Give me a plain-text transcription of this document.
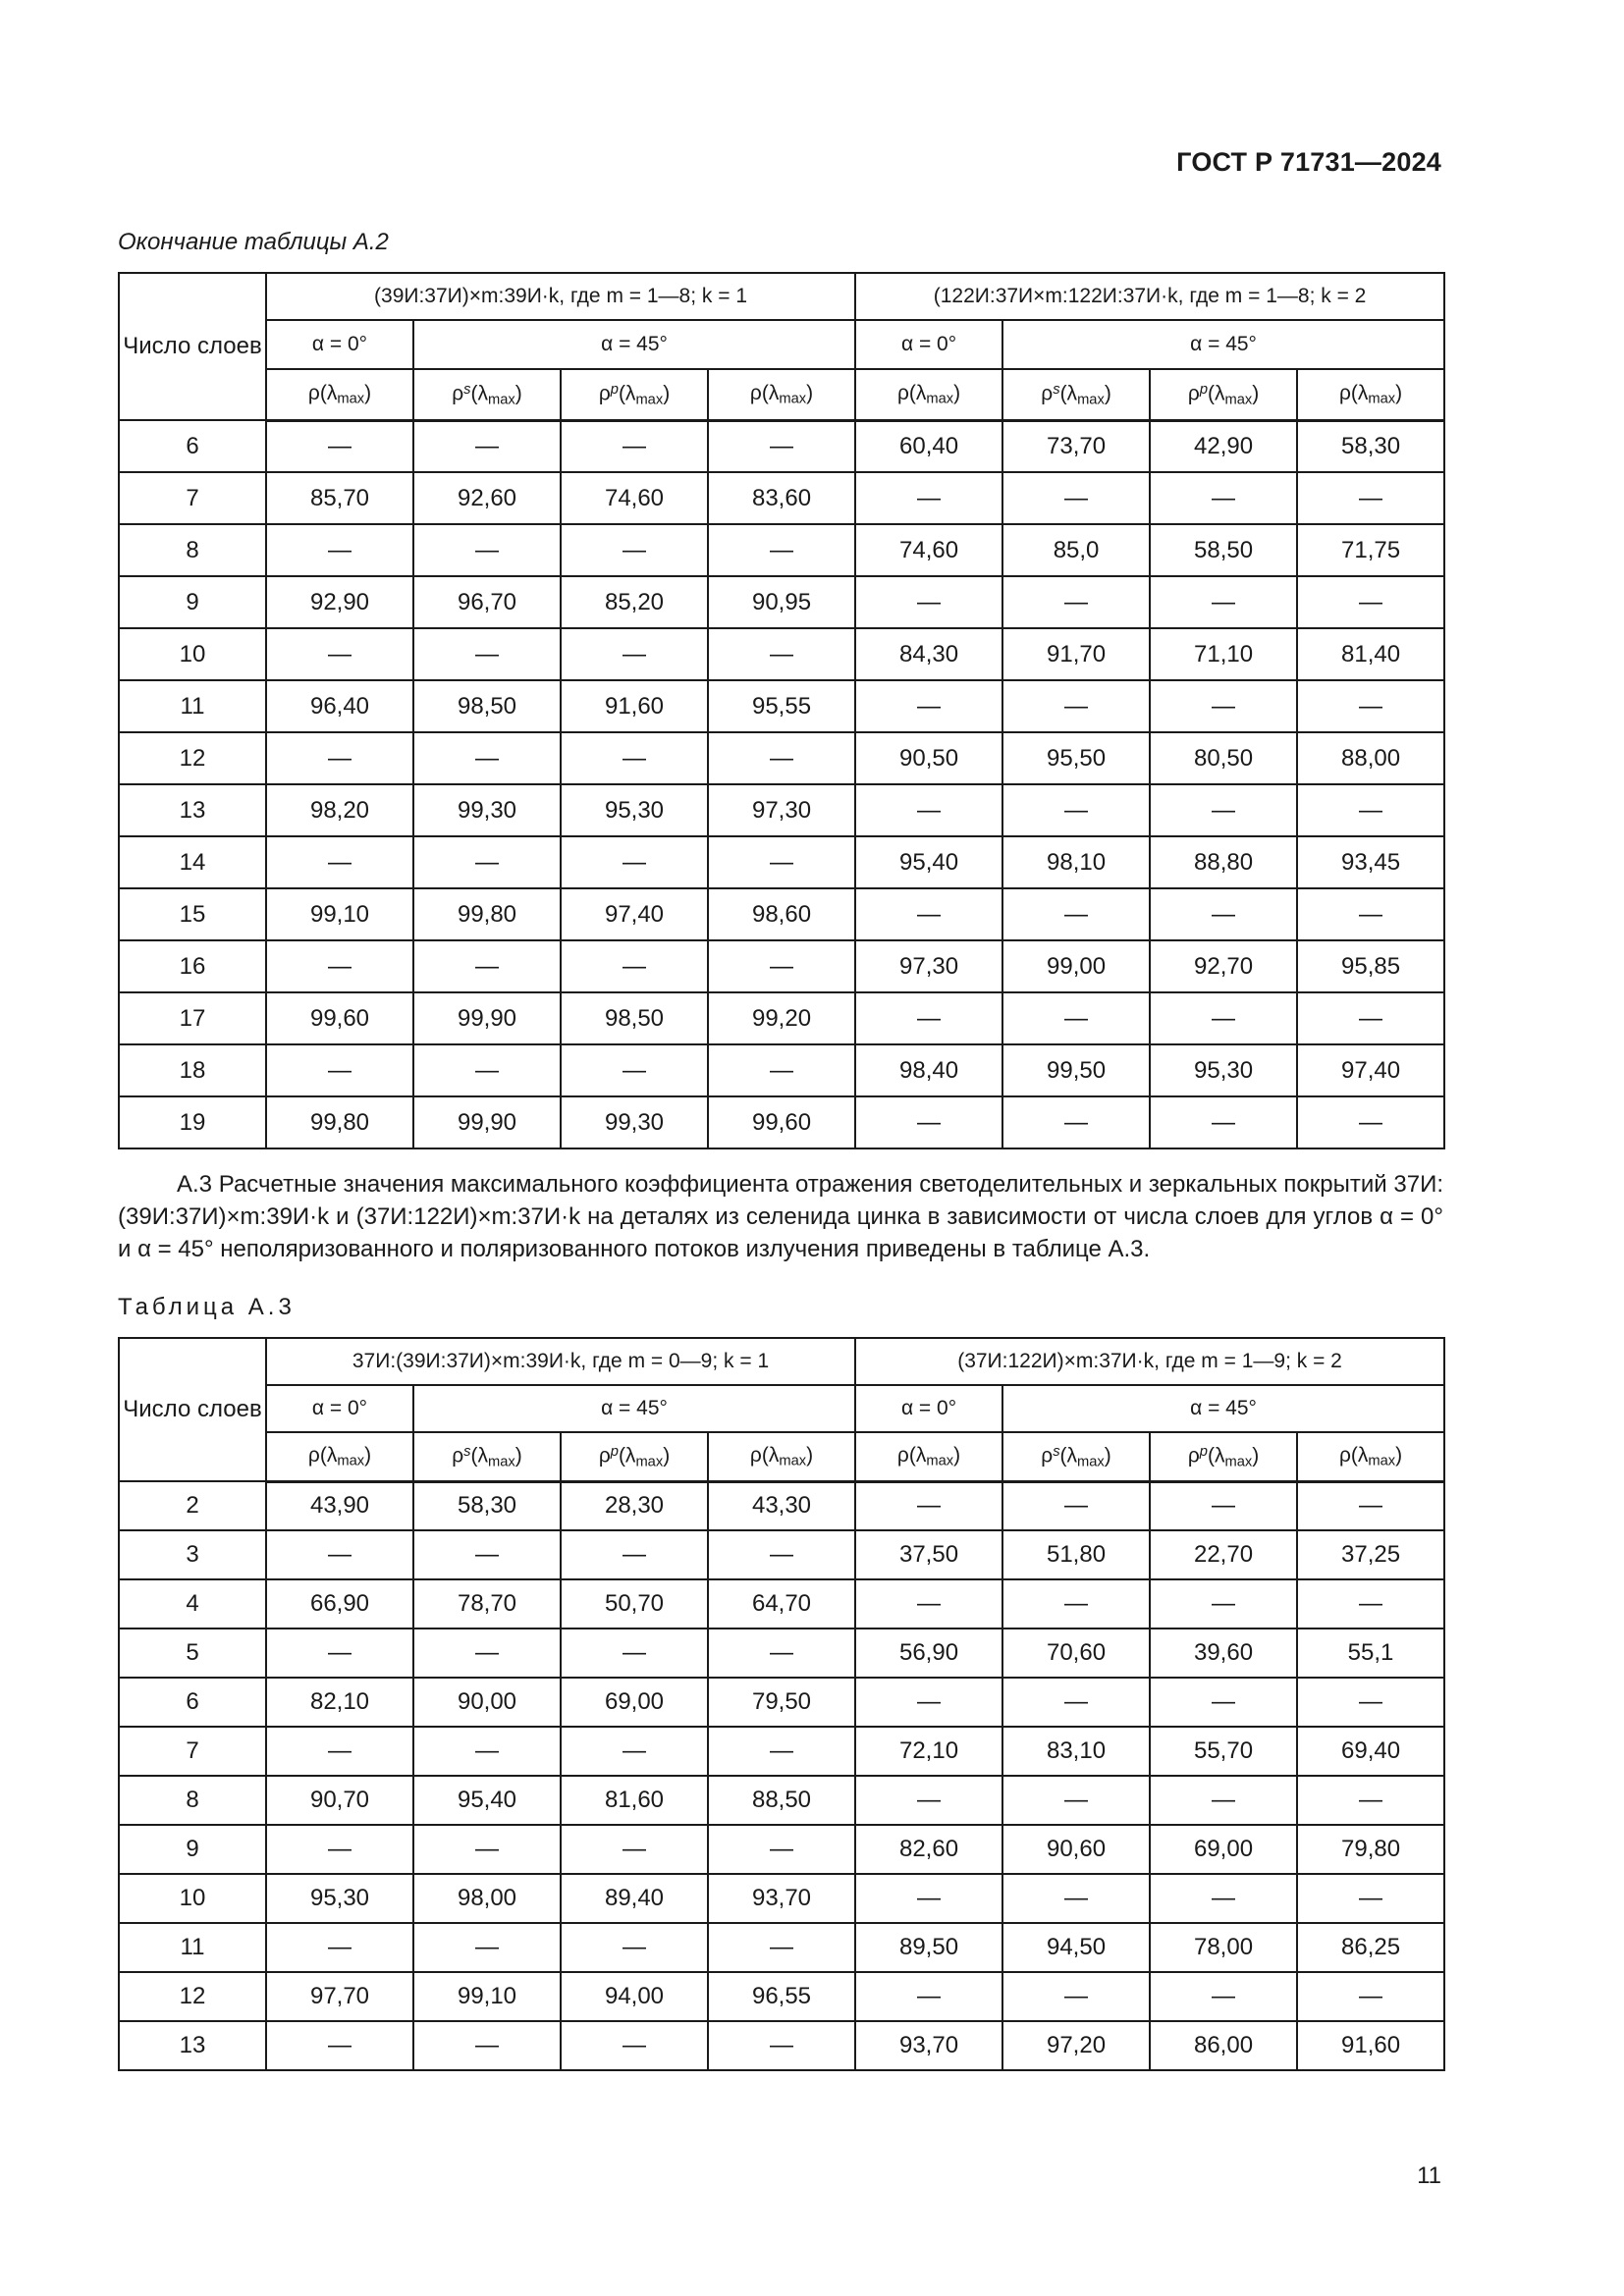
ГОСТ Р 71731—2024

Окончание таблицы А.2

Число слоев	(39И:37И)×m:39И·k, где m = 1—8; k = 1				(122И:37И×m:122И:37И·k, где m = 1—8; k = 2			
	α = 0°	α = 45°			α = 0°	α = 45°		
	$\rho(\lambda_{max})$	$\rho^s(\lambda_{max})$	$\rho^p(\lambda_{max})$	$\rho(\lambda_{max})$	$\rho(\lambda_{max})$	$\rho^s(\lambda_{max})$	$\rho^p(\lambda_{max})$	$\rho(\lambda_{max})$
6	—	—	—	—	60,40	73,70	42,90	58,30
7	85,70	92,60	74,60	83,60	—	—	—	—
8	—	—	—	—	74,60	85,0	58,50	71,75
9	92,90	96,70	85,20	90,95	—	—	—	—
10	—	—	—	—	84,30	91,70	71,10	81,40
11	96,40	98,50	91,60	95,55	—	—	—	—
12	—	—	—	—	90,50	95,50	80,50	88,00
13	98,20	99,30	95,30	97,30	—	—	—	—
14	—	—	—	—	95,40	98,10	88,80	93,45
15	99,10	99,80	97,40	98,60	—	—	—	—
16	—	—	—	—	97,30	99,00	92,70	95,85
17	99,60	99,90	98,50	99,20	—	—	—	—
18	—	—	—	—	98,40	99,50	95,30	97,40
19	99,80	99,90	99,30	99,60	—	—	—	—

А.3 Расчетные значения максимального коэффициента отражения светоделительных и зеркальных покрытий 37И:(39И:37И)×m:39И·k и (37И:122И)×m:37И·k на деталях из селенида цинка в зависимости от числа слоев для углов α = 0° и α = 45° неполяризованного и поляризованного потоков излучения приведены в таблице А.3.

Таблица А.3

Число слоев	37И:(39И:37И)×m:39И·k, где m = 0—9; k = 1				(37И:122И)×m:37И·k, где m = 1—9; k = 2			
	α = 0°	α = 45°			α = 0°	α = 45°		
	$\rho(\lambda_{max})$	$\rho^s(\lambda_{max})$	$\rho^p(\lambda_{max})$	$\rho(\lambda_{max})$	$\rho(\lambda_{max})$	$\rho^s(\lambda_{max})$	$\rho^p(\lambda_{max})$	$\rho(\lambda_{max})$
2	43,90	58,30	28,30	43,30	—	—	—	—
3	—	—	—	—	37,50	51,80	22,70	37,25
4	66,90	78,70	50,70	64,70	—	—	—	—
5	—	—	—	—	56,90	70,60	39,60	55,1
6	82,10	90,00	69,00	79,50	—	—	—	—
7	—	—	—	—	72,10	83,10	55,70	69,40
8	90,70	95,40	81,60	88,50	—	—	—	—
9	—	—	—	—	82,60	90,60	69,00	79,80
10	95,30	98,00	89,40	93,70	—	—	—	—
11	—	—	—	—	89,50	94,50	78,00	86,25
12	97,70	99,10	94,00	96,55	—	—	—	—
13	—	—	—	—	93,70	97,20	86,00	91,60

11
